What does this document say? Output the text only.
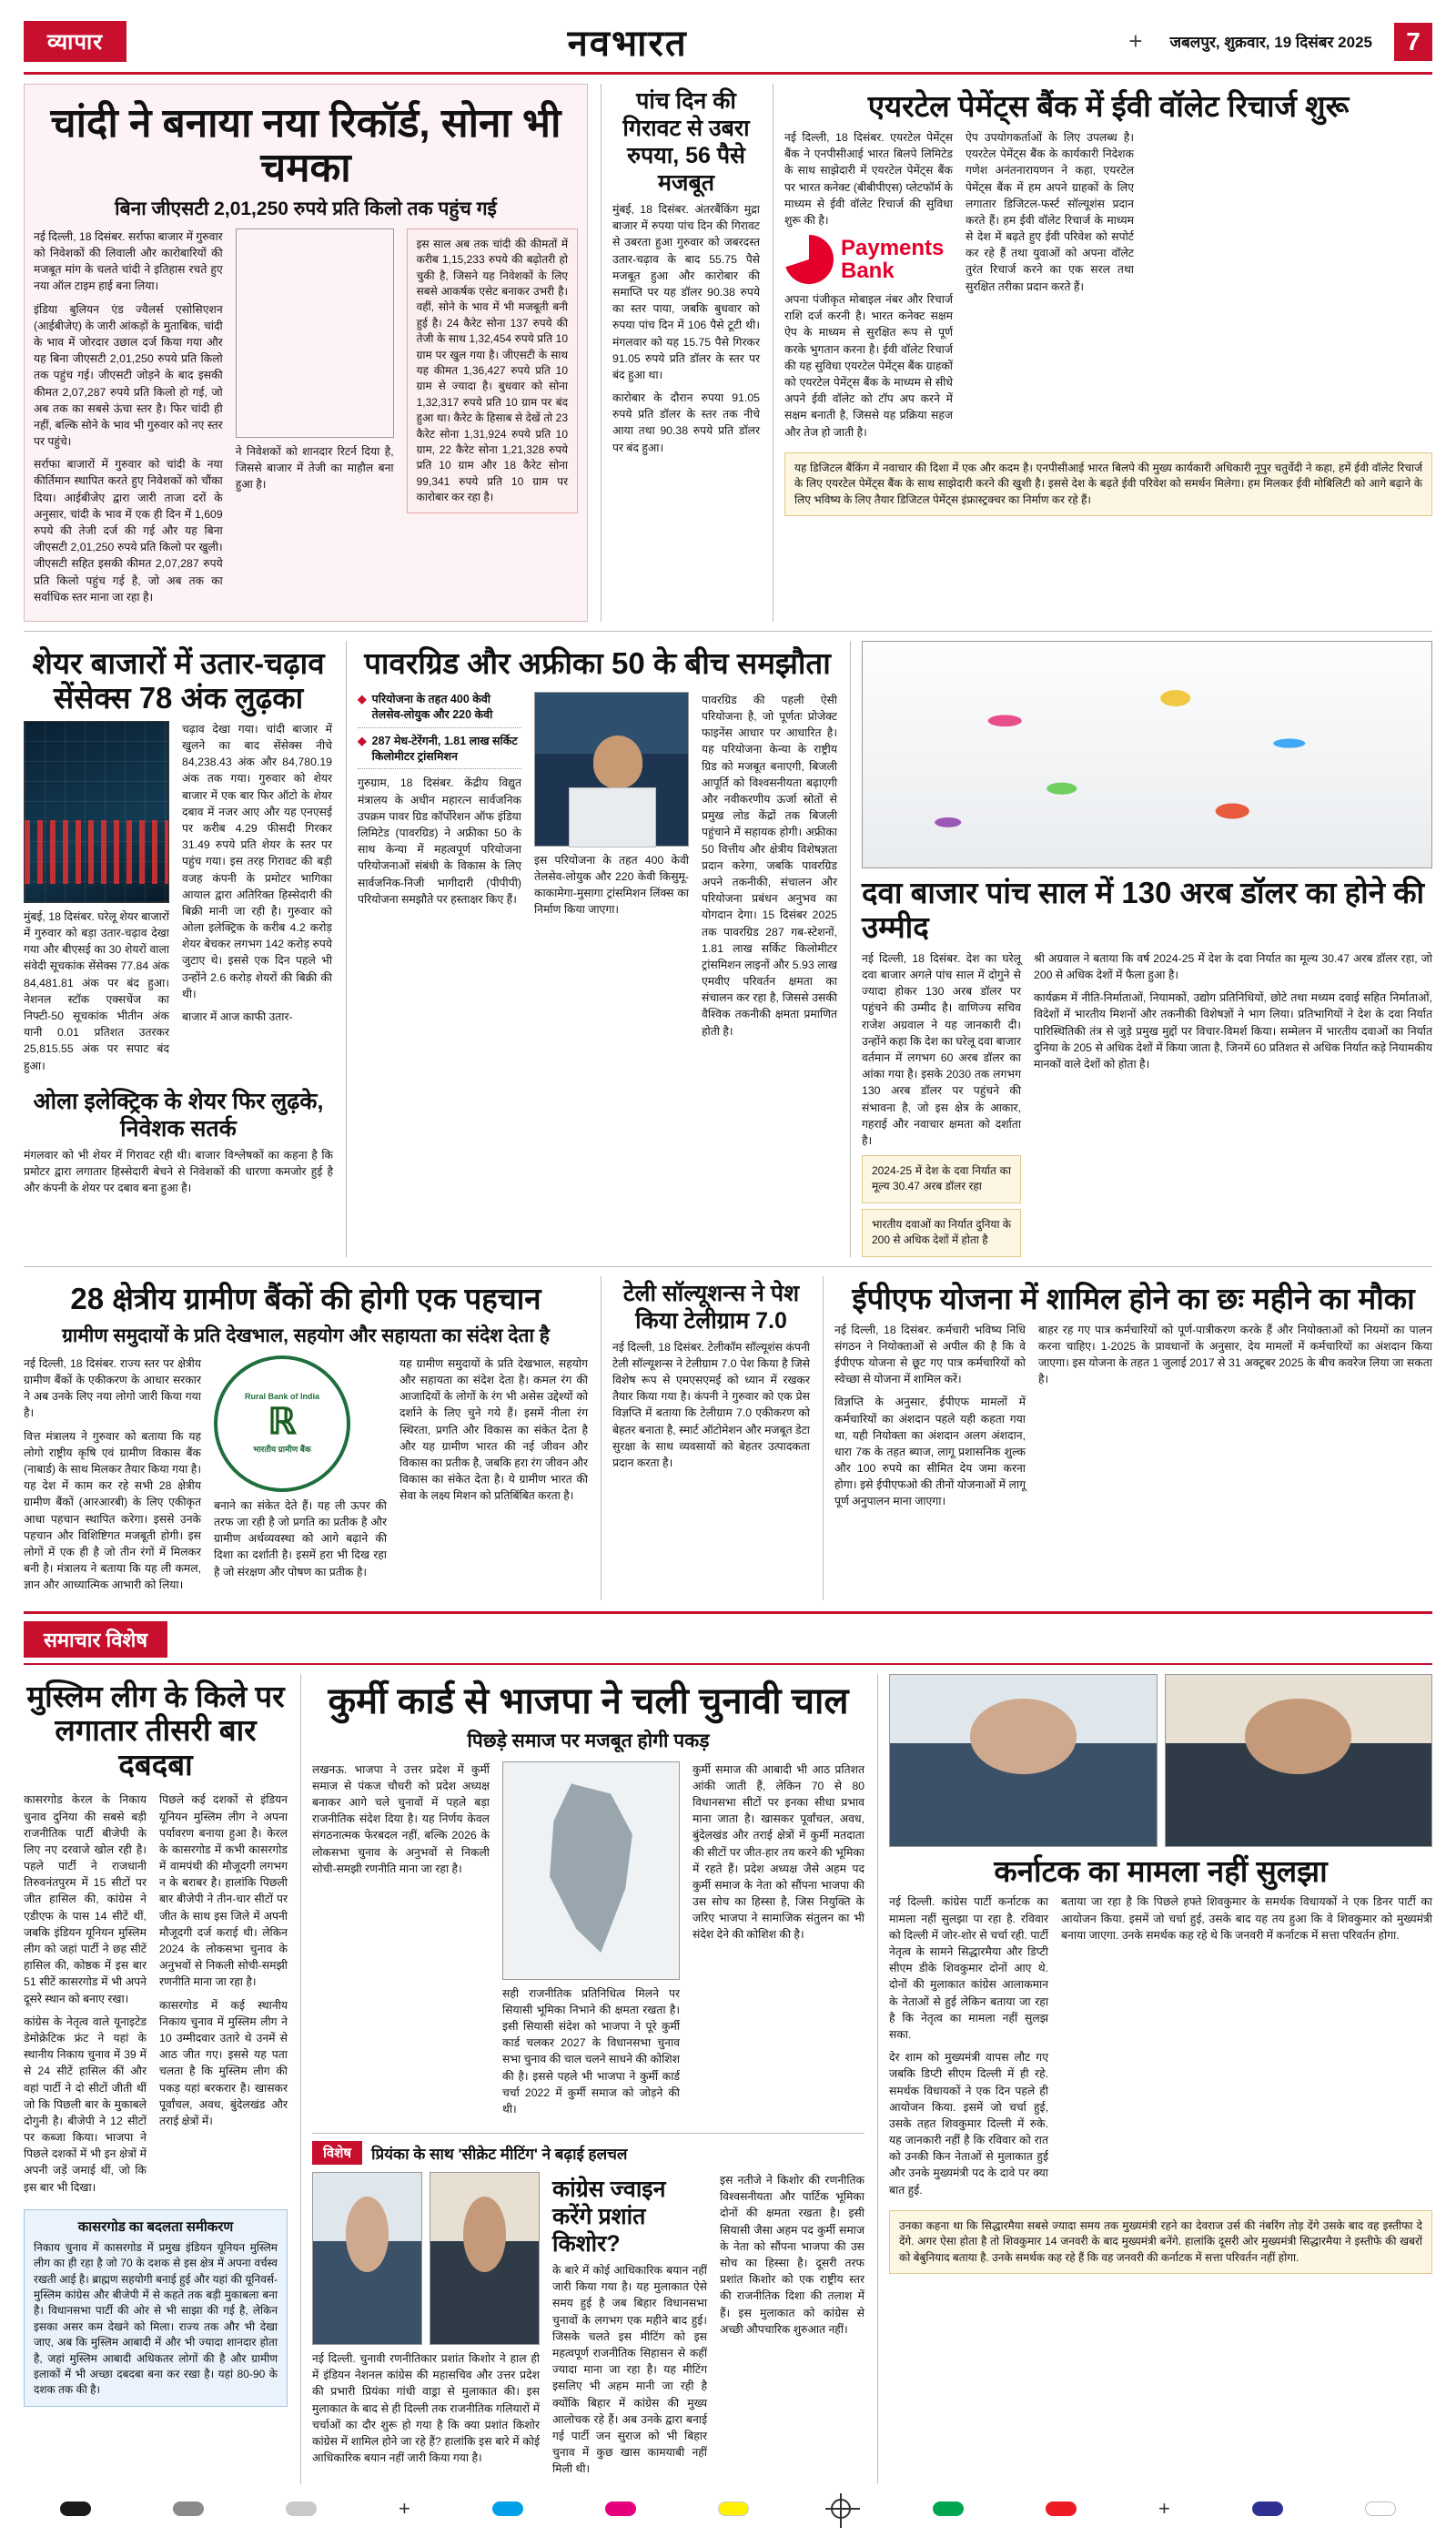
व्यापार	नवभारत	+	जबलपुर, शुक्रवार, 19 दिसंबर 2025	7
चांदी ने बनाया नया रिकॉर्ड, सोना भी चमका
बिना जीएसटी 2,01,250 रुपये प्रति किलो तक पहुंच गई

नई दिल्ली, 18 दिसंबर. सर्राफा बाजार में गुरुवार को निवेशकों की लिवाली और कारोबारियों की मजबूत मांग के चलते चांदी ने इतिहास रचते हुए नया ऑल टाइम हाई बना लिया।

इंडिया बुलियन एंड ज्वैलर्स एसोसिएशन (आईबीजेए) के जारी आंकड़ों के मुताबिक, चांदी के भाव में जोरदार उछाल दर्ज किया गया और यह बिना जीएसटी 2,01,250 रुपये प्रति किलो तक पहुंच गई। जीएसटी जोड़ने के बाद इसकी कीमत 2,07,287 रुपये प्रति किलो हो गई, जो अब तक का सबसे ऊंचा स्तर है। फिर चांदी ही नहीं, बल्कि सोने के भाव भी गुरुवार को नए स्तर पर पहुंचे।

सर्राफा बाजारों में गुरुवार को चांदी के नया कीर्तिमान स्थापित करते हुए निवेशकों को चौंका दिया। आईबीजेए द्वारा जारी ताजा दरों के अनुसार, चांदी के भाव में एक ही दिन में 1,609 रुपये की तेजी दर्ज की गई और यह बिना जीएसटी 2,01,250 रुपये प्रति किलो पर खुली। जीएसटी सहित इसकी कीमत 2,07,287 रुपये प्रति किलो पहुंच गई है, जो अब तक का सर्वाधिक स्तर माना जा रहा है।

ने निवेशकों को शानदार रिटर्न दिया है, जिससे बाजार में तेजी का माहौल बना हुआ है।

इस साल अब तक चांदी की कीमतों में करीब 1,15,233 रुपये की बढ़ोतरी हो चुकी है, जिसने यह निवेशकों के लिए सबसे आकर्षक एसेट बनाकर उभरी है। वहीं, सोने के भाव में भी मजबूती बनी हुई है। 24 कैरेट सोना 137 रुपये की तेजी के साथ 1,32,454 रुपये प्रति 10 ग्राम पर खुल गया है। जीएसटी के साथ यह कीमत 1,36,427 रुपये प्रति 10 ग्राम से ज्यादा है। बुधवार को सोना 1,32,317 रुपये प्रति 10 ग्राम पर बंद हुआ था। कैरेट के हिसाब से देखें तो 23 कैरेट सोना 1,31,924 रुपये प्रति 10 ग्राम, 22 कैरेट सोना 1,21,328 रुपये प्रति 10 ग्राम और 18 कैरेट सोना 99,341 रुपये प्रति 10 ग्राम पर कारोबार कर रहा है।

पांच दिन की गिरावट से उबरा रुपया, 56 पैसे मजबूत

मुंबई, 18 दिसंबर. अंतरबैंकिंग मुद्रा बाजार में रुपया पांच दिन की गिरावट से उबरता हुआ गुरुवार को जबरदस्त उतार-चढ़ाव के बाद 55.75 पैसे मजबूत हुआ और कारोबार की समाप्ति पर यह डॉलर 90.38 रुपये का स्तर पाया, जबकि बुधवार को रुपया पांच दिन में 106 पैसे टूटी थी। मंगलवार को यह 15.75 पैसे गिरकर 91.05 रुपये प्रति डॉलर के स्तर पर बंद हुआ था।

कारोबार के दौरान रुपया 91.05 रुपये प्रति डॉलर के स्तर तक नीचे आया तथा 90.38 रुपये प्रति डॉलर पर बंद हुआ।

एयरटेल पेमेंट्स बैंक में ईवी वॉलेट रिचार्ज शुरू

नई दिल्ली, 18 दिसंबर. एयरटेल पेमेंट्स बैंक ने एनपीसीआई भारत बिलपे लिमिटेड के साथ साझेदारी में एयरटेल पेमेंट्स बैंक पर भारत कनेक्ट (बीबीपीएस) प्लेटफॉर्म के माध्यम से ईवी वॉलेट रिचार्ज की सुविधा शुरू की है।

Payments
Bank

अपना पंजीकृत मोबाइल नंबर और रिचार्ज राशि दर्ज करनी है। भारत कनेक्ट सक्षम ऐप के माध्यम से सुरक्षित रूप से पूर्ण करके भुगतान करना है। ईवी वॉलेट रिचार्ज की यह सुविधा एयरटेल पेमेंट्स बैंक ग्राहकों को एयरटेल पेमेंट्स बैंक के माध्यम से सीधे अपने ईवी वॉलेट को टॉप अप करने में सक्षम बनाती है, जिससे यह प्रक्रिया सहज और तेज हो जाती है।

ऐप उपयोगकर्ताओं के लिए उपलब्ध है। एयरटेल पेमेंट्स बैंक के कार्यकारी निदेशक गणेश अनंतनारायणन ने कहा, एयरटेल पेमेंट्स बैंक में हम अपने ग्राहकों के लिए लगातार डिजिटल-फर्स्ट सॉल्यूशंस प्रदान करते हैं। हम ईवी वॉलेट रिचार्ज के माध्यम से देश में बढ़ते हुए ईवी परिवेश को सपोर्ट कर रहे हैं तथा युवाओं को अपना वॉलेट तुरंत रिचार्ज करने का एक सरल तथा सुरक्षित तरीका प्रदान करते हैं।

यह डिजिटल बैंकिंग में नवाचार की दिशा में एक और कदम है। एनपीसीआई भारत बिलपे की मुख्य कार्यकारी अधिकारी नूपुर चतुर्वेदी ने कहा, हमें ईवी वॉलेट रिचार्ज के लिए एयरटेल पेमेंट्स बैंक के साथ साझेदारी करने की खुशी है। इससे देश के बढ़ते ईवी परिवेश को समर्थन मिलेगा। हम मिलकर ईवी मोबिलिटी को आगे बढ़ाने के लिए भविष्य के लिए तैयार डिजिटल पेमेंट्स इंफ्रास्ट्रक्चर का निर्माण कर रहे हैं।

शेयर बाजारों में उतार-चढ़ाव सेंसेक्स 78 अंक लुढ़का

मुंबई, 18 दिसंबर. घरेलू शेयर बाजारों में गुरुवार को बड़ा उतार-चढ़ाव देखा गया और बीएसई का 30 शेयरों वाला संवेदी सूचकांक सेंसेक्स 77.84 अंक 84,481.81 अंक पर बंद हुआ। नेशनल स्टॉक एक्सचेंज का निफ्टी-50 सूचकांक भीतीन अंक यानी 0.01 प्रतिशत उतरकर 25,815.55 अंक पर सपाट बंद हुआ।

चढ़ाव देखा गया। चांदी बाजार में खुलने का बाद सेंसेक्स नीचे 84,238.43 अंक और 84,780.19 अंक तक गया। गुरुवार को शेयर बाजार में एक बार फिर ऑटो के शेयर दबाव में नजर आए और यह एनएसई पर करीब 4.29 फीसदी गिरकर 31.49 रुपये प्रति शेयर के स्तर पर पहुंच गया। इस तरह गिरावट की बड़ी वजह कंपनी के प्रमोटर भागिका आयाल द्वारा अतिरिक्त हिस्सेदारी की बिक्री मानी जा रही है। गुरुवार को ओला इलेक्ट्रिक के करीब 4.2 करोड़ शेयर बेचकर लगभग 142 करोड़ रुपये जुटाए थे। इससे एक दिन पहले भी उन्होंने 2.6 करोड़ शेयरों की बिक्री की थी।

बाजार में आज काफी उतार-

ओला इलेक्ट्रिक के शेयर फिर लुढ़के, निवेशक सतर्क

मंगलवार को भी शेयर में गिरावट रही थी। बाजार विश्लेषकों का कहना है कि प्रमोटर द्वारा लगातार हिस्सेदारी बेचने से निवेशकों की धारणा कमजोर हुई है और कंपनी के शेयर पर दबाव बना हुआ है।

पावरग्रिड और अफ्रीका 50 के बीच समझौता
◆ परियोजना के तहत 400 केवी तेलसेव-लोयुक और 220 केवी
◆ 287 मेध-टेरेंगनी, 1.81 लाख सर्किट किलोमीटर ट्रांसमिशन

गुरुग्राम, 18 दिसंबर. केंद्रीय विद्युत मंत्रालय के अधीन महारत्न सार्वजनिक उपक्रम पावर ग्रिड कॉर्पोरेशन ऑफ इंडिया लिमिटेड (पावरग्रिड) ने अफ्रीका 50 के साथ केन्या में महत्वपूर्ण परियोजना परियोजनाओं संबंधी के विकास के लिए सार्वजनिक-निजी भागीदारी (पीपीपी) परियोजना समझौते पर हस्ताक्षर किए हैं।

इस परियोजना के तहत 400 केवी तेलसेव-लोयुक और 220 केवी किसुमू-काकामेगा-मुसागा ट्रांसमिशन लिंक्स का निर्माण किया जाएगा।

पावरग्रिड की पहली ऐसी परियोजना है, जो पूर्णतः प्रोजेक्ट फाइनेंस आधार पर आधारित है। यह परियोजना केन्या के राष्ट्रीय ग्रिड को मजबूत बनाएगी, बिजली आपूर्ति को विश्वसनीयता बढ़ाएगी और नवीकरणीय ऊर्जा स्रोतों से प्रमुख लोड केंद्रों तक बिजली पहुंचाने में सहायक होगी। अफ्रीका 50 वित्तीय और क्षेत्रीय विशेषज्ञता प्रदान करेगा, जबकि पावरग्रिड अपने तकनीकी, संचालन और परियोजना प्रबंधन अनुभव का योगदान देगा। 15 दिसंबर 2025 तक पावरग्रिड 287 गब-स्टेशनों, 1.81 लाख सर्किट किलोमीटर ट्रांसमिशन लाइनों और 5.93 लाख एमवीए परिवर्तन क्षमता का संचालन कर रहा है, जिससे उसकी वैश्विक तकनीकी क्षमता प्रमाणित होती है।

दवा बाजार पांच साल में 130 अरब डॉलर का होने की उम्मीद

नई दिल्ली, 18 दिसंबर. देश का घरेलू दवा बाजार अगले पांच साल में दोगुने से ज्यादा होकर 130 अरब डॉलर पर पहुंचने की उम्मीद है। वाणिज्य सचिव राजेश अग्रवाल ने यह जानकारी दी। उन्होंने कहा कि देश का घरेलू दवा बाजार वर्तमान में लगभग 60 अरब डॉलर का आंका गया है। इसके 2030 तक लगभग 130 अरब डॉलर पर पहुंचने की संभावना है, जो इस क्षेत्र के आकार, गहराई और नवाचार क्षमता को दर्शाता है।

2024-25 में देश के दवा निर्यात का मूल्य 30.47 अरब डॉलर रहा

भारतीय दवाओं का निर्यात दुनिया के 200 से अधिक देशों में होता है

श्री अग्रवाल ने बताया कि वर्ष 2024-25 में देश के दवा निर्यात का मूल्य 30.47 अरब डॉलर रहा, जो 200 से अधिक देशों में फैला हुआ है।

कार्यक्रम में नीति-निर्माताओं, नियामकों, उद्योग प्रतिनिधियों, छोटे तथा मध्यम दवाई सहित निर्माताओं, विदेशों में भारतीय मिशनों और तकनीकी विशेषज्ञों ने भाग लिया। प्रतिभागियों ने देश के दवा निर्यात पारिस्थितिकी तंत्र से जुड़े प्रमुख मुद्दों पर विचार-विमर्श किया। सम्मेलन में भारतीय दवाओं का निर्यात दुनिया के 205 से अधिक देशों में किया जाता है, जिनमें 60 प्रतिशत से अधिक निर्यात कड़े नियामकीय मानकों वाले देशों को होता है।

28 क्षेत्रीय ग्रामीण बैंकों की होगी एक पहचान
ग्रामीण समुदायों के प्रति देखभाल, सहयोग और सहायता का संदेश देता है

नई दिल्ली, 18 दिसंबर. राज्य स्तर पर क्षेत्रीय ग्रामीण बैंकों के एकीकरण के आधार सरकार ने अब उनके लिए नया लोगो जारी किया गया है।

वित्त मंत्रालय ने गुरुवार को बताया कि यह लोगो राष्ट्रीय कृषि एवं ग्रामीण विकास बैंक (नाबार्ड) के साथ मिलकर तैयार किया गया है। यह देश में काम कर रहे सभी 28 क्षेत्रीय ग्रामीण बैंकों (आरआरबी) के लिए एकीकृत आधा पहचान स्थापित करेगा। इससे उनके पहचान और विशिष्टिगत मजबूती होगी। इस लोगों में एक ही है जो तीन रंगों में मिलकर बनी है। मंत्रालय ने बताया कि यह ली कमल, ज्ञान और आध्यात्मिक आभारी को लिया।

Rural Bank of India
ℝ
भारतीय ग्रामीण बैंक

बनाने का संकेत देते हैं। यह ली ऊपर की तरफ जा रही है जो प्रगति का प्रतीक है और ग्रामीण अर्थव्यवस्था को आगे बढ़ाने की दिशा का दर्शाती है। इसमें हरा भी दिख रहा है जो संरक्षण और पोषण का प्रतीक है।

यह ग्रामीण समुदायों के प्रति देखभाल, सहयोग और सहायता का संदेश देता है। कमल रंग की आजादियों के लोगों के रंग भी असेस उद्देश्यों को दर्शाने के लिए चुने गये हैं। इसमें नीला रंग स्थिरता, प्रगति और विकास का संकेत देता है और यह ग्रामीण भारत की नई जीवन और विकास का प्रतीक है, जबकि हरा रंग जीवन और विकास का संकेत देता है। ये ग्रामीण भारत की सेवा के लक्ष्य मिशन को प्रतिबिंबित करता है।

टेली सॉल्यूशन्स ने पेश किया टेलीग्राम 7.0

नई दिल्ली, 18 दिसंबर. टेलीकॉम सॉल्यूशंस कंपनी टेली सॉल्यूशन्स ने टेलीग्राम 7.0 पेश किया है जिसे विशेष रूप से एमएसएमई को ध्यान में रखकर तैयार किया गया है। कंपनी ने गुरुवार को एक प्रेस विज्ञप्ति में बताया कि टेलीग्राम 7.0 एकीकरण को बेहतर बनाता है, स्मार्ट ऑटोमेशन और मजबूत डेटा सुरक्षा के साथ व्यवसायों को बेहतर उत्पादकता प्रदान करता है।

ईपीएफ योजना में शामिल होने का छः महीने का मौका

नई दिल्ली, 18 दिसंबर. कर्मचारी भविष्य निधि संगठन ने नियोक्ताओं से अपील की है कि वे ईपीएफ योजना से छूट गए पात्र कर्मचारियों को स्वेच्छा से योजना में शामिल करें।

विज्ञप्ति के अनुसार, ईपीएफ मामलों में कर्मचारियों का अंशदान पहले यही कहता गया था, यही नियोक्ता का अंशदान अलग अंशदान, धारा 7क के तहत ब्याज, लागू प्रशासनिक शुल्क और 100 रुपये का सीमित देय जमा करना होगा। इसे ईपीएफओ की तीनों योजनाओं में लागू पूर्ण अनुपालन माना जाएगा।

बाहर रह गए पात्र कर्मचारियों को पूर्ण-पात्रीकरण करके हैं और नियोक्ताओं को नियमों का पालन करना चाहिए। 1-2025 के प्रावधानों के अनुसार, देय मामलों में कर्मचारियों का अंशदान किया जाएगा। इस योजना के तहत 1 जुलाई 2017 से 31 अक्टूबर 2025 के बीच कवरेज लिया जा सकता है।

समाचार विशेष
मुस्लिम लीग के किले पर लगातार तीसरी बार दबदबा

कासरगोड केरल के निकाय चुनाव दुनिया की सबसे बड़ी राजनीतिक पार्टी बीजेपी के लिए नए दरवाजे खोल रही है। पहले पार्टी ने राजधानी तिरुवनंतपुरम में 15 सीटों पर जीत हासिल की, कांग्रेस ने एडीएफ के पास 14 सीटें थीं, जबकि इंडियन यूनियन मुस्लिम लीग को जहां पार्टी ने छह सीटें हासिल की, कोष्ठक में इस बार 51 सीटें कासरगोड में भी अपने दूसरे स्थान को बनाए रखा।

कांग्रेस के नेतृत्व वाले यूनाइटेड डेमोक्रेटिक फ्रंट ने यहां के स्थानीय निकाय चुनाव में 39 में से 24 सीटें हासिल कीं और वहां पार्टी ने दो सीटों जीती थीं जो कि पिछली बार के मुकाबले दोगुनी है। बीजेपी ने 12 सीटों पर कब्जा किया। भाजपा ने पिछले दशकों में भी इन क्षेत्रों में अपनी जड़ें जमाई थीं, जो कि इस बार भी दिखा।

पिछले कई दशकों से इंडियन यूनियन मुस्लिम लीग ने अपना पर्यावरण बनाया हुआ है। केरल के कासरगोड में कभी कासरगोड में वामपंथी की मौजूदगी लगभग न के बराबर है। हालांकि पिछली बार बीजेपी ने तीन-चार सीटों पर जीत के साथ इस जिले में अपनी मौजूदगी दर्ज कराई थी। लेकिन 2024 के लोकसभा चुनाव के अनुभवों से निकली सोची-समझी रणनीति माना जा रहा है।

कासरगोड में कई स्थानीय निकाय चुनाव में मुस्लिम लीग ने 10 उम्मीदवार उतारे थे उनमें से आठ जीत गए। इससे यह पता चलता है कि मुस्लिम लीग की पकड़ यहां बरकरार है। खासकर पूर्वांचल, अवध, बुंदेलखंड और तराई क्षेत्रों में।

कासरगोड का बदलता समीकरण

निकाय चुनाव में कासरगोड में प्रमुख इंडियन यूनियन मुस्लिम लीग का ही रहा है जो 70 के दशक से इस क्षेत्र में अपना वर्चस्व रखती आई है। ब्राह्मण सहयोगी बनाई हुई और यहां की यूनिवर्स-मुस्लिम कांग्रेस और बीजेपी में से कहते तक बड़ी मुकाबला बना है। विधानसभा पार्टी की ओर से भी साझा की गई है, लेकिन इसका असर कम देखने को मिला। राज्य तक और भी देखा जाए, अब कि मुस्लिम आबादी में और भी ज्यादा शानदार होता है, जहां मुस्लिम आबादी अधिकतर लोगों की है और ग्रामीण इलाकों में भी अच्छा दबदबा बना कर रखा है। यहां 80-90 के दशक तक की है।

कुर्मी कार्ड से भाजपा ने चली चुनावी चाल
पिछड़े समाज पर मजबूत होगी पकड़

लखनऊ. भाजपा ने उत्तर प्रदेश में कुर्मी समाज से पंकज चौधरी को प्रदेश अध्यक्ष बनाकर आगे चले चुनावों में पहले बड़ा राजनीतिक संदेश दिया है। यह निर्णय केवल संगठनात्मक फेरबदल नहीं, बल्कि 2026 के लोकसभा चुनाव के अनुभवों से निकली सोची-समझी रणनीति माना जा रहा है।

सही राजनीतिक प्रतिनिधित्व मिलने पर सियासी भूमिका निभाने की क्षमता रखता है। इसी सियासी संदेश को भाजपा ने पूरे कुर्मी कार्ड चलकर 2027 के विधानसभा चुनाव सभा चुनाव की चाल चलने साधने की कोशिश की है। इससे पहले भी भाजपा ने कुर्मी कार्ड चर्चा 2022 में कुर्मी समाज को जोड़ने की थी।

कुर्मी समाज की आबादी भी आठ प्रतिशत आंकी जाती हैं, लेकिन 70 से 80 विधानसभा सीटों पर इनका सीधा प्रभाव माना जाता है। खासकर पूर्वांचल, अवध, बुंदेलखंड और तराई क्षेत्रों में कुर्मी मतदाता की सीटों पर जीत-हार तय करने की भूमिका में रहते हैं। प्रदेश अध्यक्ष जैसे अहम पद कुर्मी समाज के नेता को सौंपना भाजपा की उस सोच का हिस्सा है, जिस नियुक्ति के जरिए भाजपा ने सामाजिक संतुलन का भी संदेश देने की कोशिश की है।

विशेष	प्रियंका के साथ 'सीक्रेट मीटिंग' ने बढ़ाई हलचल

नई दिल्ली. चुनावी रणनीतिकार प्रशांत किशोर ने हाल ही में इंडियन नेशनल कांग्रेस की महासचिव और उत्तर प्रदेश की प्रभारी प्रियंका गांधी वाड्रा से मुलाकात की। इस मुलाकात के बाद से ही दिल्ली तक राजनीतिक गलियारों में चर्चाओं का दौर शुरू हो गया है कि क्या प्रशांत किशोर कांग्रेस में शामिल होने जा रहे हैं? हालांकि इस बारे में कोई आधिकारिक बयान नहीं जारी किया गया है।

कांग्रेस ज्वाइन करेंगे प्रशांत किशोर?

के बारे में कोई आधिकारिक बयान नहीं जारी किया गया है। यह मुलाकात ऐसे समय हुई है जब बिहार विधानसभा चुनावों के लगभग एक महीने बाद हुई। जिसके चलते इस मीटिंग को इस महत्वपूर्ण राजनीतिक सिहासन से कहीं ज्यादा माना जा रहा है। यह मीटिंग इसलिए भी अहम मानी जा रही है क्योंकि बिहार में कांग्रेस की मुख्य आलोचक रहे हैं। अब उनके द्वारा बनाई गई पार्टी जन सुराज को भी बिहार चुनाव में कुछ खास कामयाबी नहीं मिली थी।

इस नतीजे ने किशोर की रणनीतिक विश्वसनीयता और पार्टिक भूमिका दोनों की क्षमता रखता है। इसी सियासी जैसा अहम पद कुर्मी समाज के नेता को सौंपना भाजपा की उस सोच का हिस्सा है। दूसरी तरफ प्रशांत किशोर को एक राष्ट्रीय स्तर की राजनीतिक दिशा की तलाश में हैं। इस मुलाकात को कांग्रेस से अच्छी औपचारिक शुरुआत नहीं।

कर्नाटक का मामला नहीं सुलझा

नई दिल्ली. कांग्रेस पार्टी कर्नाटक का मामला नहीं सुलझा पा रहा है. रविवार को दिल्ली में जोर-शोर से चर्चा रही. पार्टी नेतृत्व के सामने सिद्धारमैया और डिप्टी सीएम डीके शिवकुमार दोनों आए थे. दोनों की मुलाकात कांग्रेस आलाकमान के नेताओं से हुई लेकिन बताया जा रहा है कि नेतृत्व का मामला नहीं सुलझ सका.

देर शाम को मुख्यमंत्री वापस लौट गए जबकि डिप्टी सीएम दिल्ली में ही रहे. समर्थक विधायकों ने एक दिन पहले ही आयोजन किया. इसमें जो चर्चा हुई, उसके तहत शिवकुमार दिल्ली में रुके. यह जानकारी नहीं है कि रविवार को रात को उनकी किन नेताओं से मुलाकात हुई और उनके मुख्यमंत्री पद के दावे पर क्या बात हुई.

बताया जा रहा है कि पिछले हफ्ते शिवकुमार के समर्थक विधायकों ने एक डिनर पार्टी का आयोजन किया. इसमें जो चर्चा हुई, उसके बाद यह तय हुआ कि वे शिवकुमार को मुख्यमंत्री बनाया जाएगा. उनके समर्थक कह रहे थे कि जनवरी में कर्नाटक में सत्ता परिवर्तन होगा.

उनका कहना था कि सिद्धारमैया सबसे ज्यादा समय तक मुख्यमंत्री रहने का देवराज उर्स की नंबरिंग तोड़ देंगे उसके बाद वह इस्तीफा दे देंगे. अगर ऐसा होता है तो शिवकुमार 14 जनवरी के बाद मुख्यमंत्री बनेंगे. हालांकि दूसरी ओर मुख्यमंत्री सिद्धारमैया ने इस्तीफे की खबरों को बेबुनियाद बताया है. उनके समर्थक कह रहे हैं कि वह जनवरी की कर्नाटक में सत्ता परिवर्तन नहीं होगा.

+	+
